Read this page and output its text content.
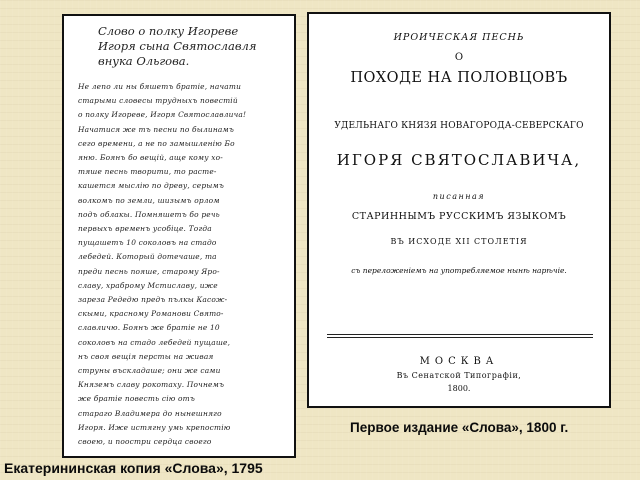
Слово о полку Игореве
Игоря сына Святославля
внука Ольгова.
Не лепо ли ны бяшетъ братiе, начати
старыми словесы трудныхъ повестiй
о полку Игореве, Игоря Святославлича!
Начатися же тъ песни по былинамъ
сего времени, а не по замышленiю Бо
яню. Боянъ бо вещiй, аще кому хо-
тяше песнь творити, то расте-
кашется мыслiю по древу, серымъ
волкомъ по земли, шизымъ орлом
подъ облакы. Помняшетъ бо речь
первыхъ временъ усобiце. Тогда
пущашетъ 10 соколовъ на стадо
лебедей. Который дотечаше, та
преди песнь пояше, старому Яро-
славу, храброму Мстиславу, иже
зареза Редедю предъ пълкы Касож-
скыми, красному Романови Свято-
славличю. Боянъ же братiе не 10
соколовъ на стадо лебедей пущаше,
нъ своя вещiя персты на живая
струны въскладаше; они же сами
Княземъ славу рокотаху. Почнемъ
же братiе повесть сiю отъ
стараго Владимера до нынешняго
Игоря. Иже истягну умь крепостiю
своею, и поостри сердца своего
ИРОИЧЕСКАЯ ПЕСНЬ
О
ПОХОДЕ НА ПОЛОВЦОВЪ
УДЕЛЬНАГО КНЯЗЯ НОВАГОРОДА-СЕВЕРСКАГО
ИГОРЯ СВЯТОСЛАВИЧА,
писанная
СТАРИННЫМЪ РУССКИМЪ ЯЗЫКОМЪ
ВЪ ИСХОДЕ XII СТОЛЕТIЯ
съ переложенiемъ на употребляемое нынѣ нарѣчiе.
МОСКВА
Въ Сенатской Типографiи,
1800.
Первое издание «Слова», 1800 г.
Екатерининская копия «Слова», 1795
